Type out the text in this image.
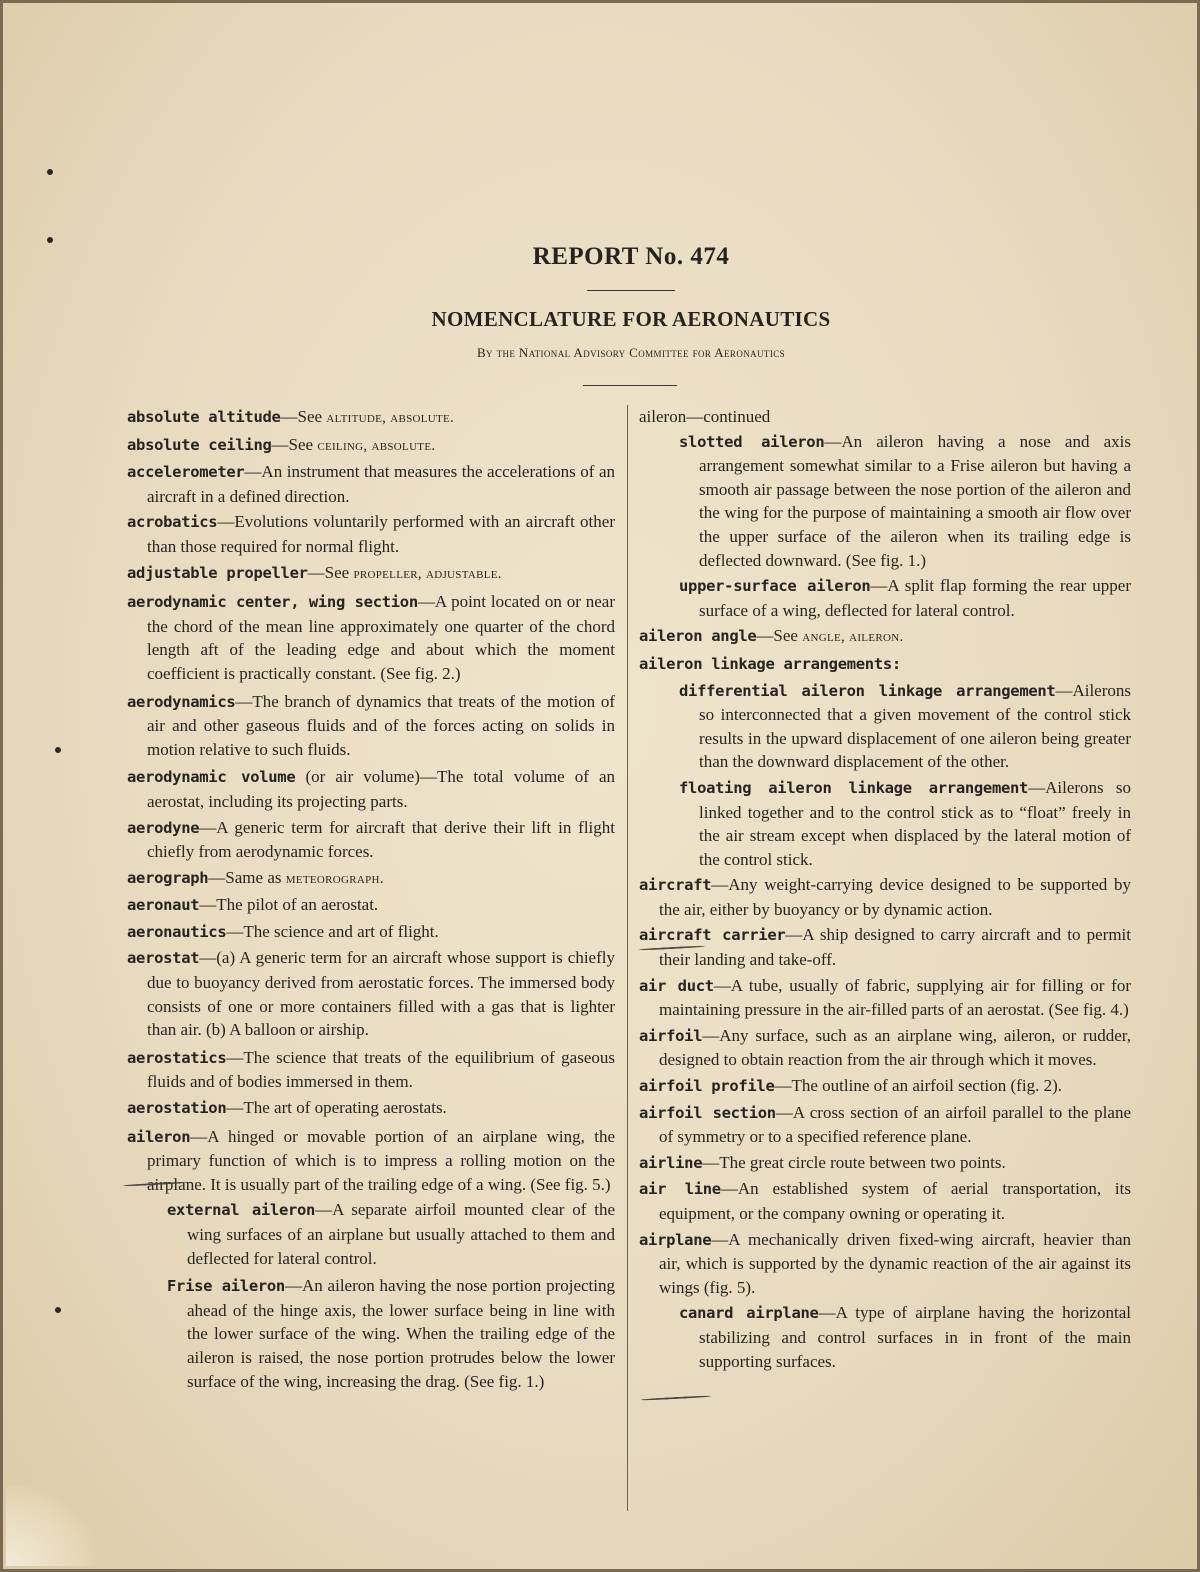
REPORT No. 474
NOMENCLATURE FOR AERONAUTICS
By the National Advisory Committee for Aeronautics

absolute altitude—See altitude, absolute.

absolute ceiling—See ceiling, absolute.

accelerometer—An instrument that measures the accelerations of an aircraft in a defined direction.

acrobatics—Evolutions voluntarily performed with an aircraft other than those required for normal flight.

adjustable propeller—See propeller, adjustable.

aerodynamic center, wing section—A point located on or near the chord of the mean line approximately one quarter of the chord length aft of the leading edge and about which the moment coefficient is practically constant. (See fig. 2.)

aerodynamics—The branch of dynamics that treats of the motion of air and other gaseous fluids and of the forces acting on solids in motion relative to such fluids.

aerodynamic volume (or air volume)—The total volume of an aerostat, including its projecting parts.

aerodyne—A generic term for aircraft that derive their lift in flight chiefly from aerodynamic forces.

aerograph—Same as meteorograph.

aeronaut—The pilot of an aerostat.

aeronautics—The science and art of flight.

aerostat—(a) A generic term for an aircraft whose support is chiefly due to buoyancy derived from aerostatic forces. The immersed body consists of one or more containers filled with a gas that is lighter than air. (b) A balloon or airship.

aerostatics—The science that treats of the equilibrium of gaseous fluids and of bodies immersed in them.

aerostation—The art of operating aerostats.

aileron—A hinged or movable portion of an airplane wing, the primary function of which is to impress a rolling motion on the airplane. It is usually part of the trailing edge of a wing. (See fig. 5.)

external aileron—A separate airfoil mounted clear of the wing surfaces of an airplane but usually attached to them and deflected for lateral control.

Frise aileron—An aileron having the nose portion projecting ahead of the hinge axis, the lower surface being in line with the lower surface of the wing. When the trailing edge of the aileron is raised, the nose portion protrudes below the lower surface of the wing, increasing the drag. (See fig. 1.)

aileron—continued

slotted aileron—An aileron having a nose and axis arrangement somewhat similar to a Frise aileron but having a smooth air passage between the nose portion of the aileron and the wing for the purpose of maintaining a smooth air flow over the upper surface of the aileron when its trailing edge is deflected downward. (See fig. 1.)

upper-surface aileron—A split flap forming the rear upper surface of a wing, deflected for lateral control.

aileron angle—See angle, aileron.

aileron linkage arrangements:

differential aileron linkage arrangement—Ailerons so interconnected that a given movement of the control stick results in the upward displacement of one aileron being greater than the downward displacement of the other.

floating aileron linkage arrangement—Ailerons so linked together and to the control stick as to “float” freely in the air stream except when displaced by the lateral motion of the control stick.

aircraft—Any weight-carrying device designed to be supported by the air, either by buoyancy or by dynamic action.

aircraft carrier—A ship designed to carry aircraft and to permit their landing and take-off.

air duct—A tube, usually of fabric, supplying air for filling or for maintaining pressure in the air-filled parts of an aerostat. (See fig. 4.)

airfoil—Any surface, such as an airplane wing, aileron, or rudder, designed to obtain reaction from the air through which it moves.

airfoil profile—The outline of an airfoil section (fig. 2).

airfoil section—A cross section of an airfoil parallel to the plane of symmetry or to a specified reference plane.

airline—The great circle route between two points.

air line—An established system of aerial transportation, its equipment, or the company owning or operating it.

airplane—A mechanically driven fixed-wing aircraft, heavier than air, which is supported by the dynamic reaction of the air against its wings (fig. 5).

canard airplane—A type of airplane having the horizontal stabilizing and control surfaces in in front of the main supporting surfaces.
